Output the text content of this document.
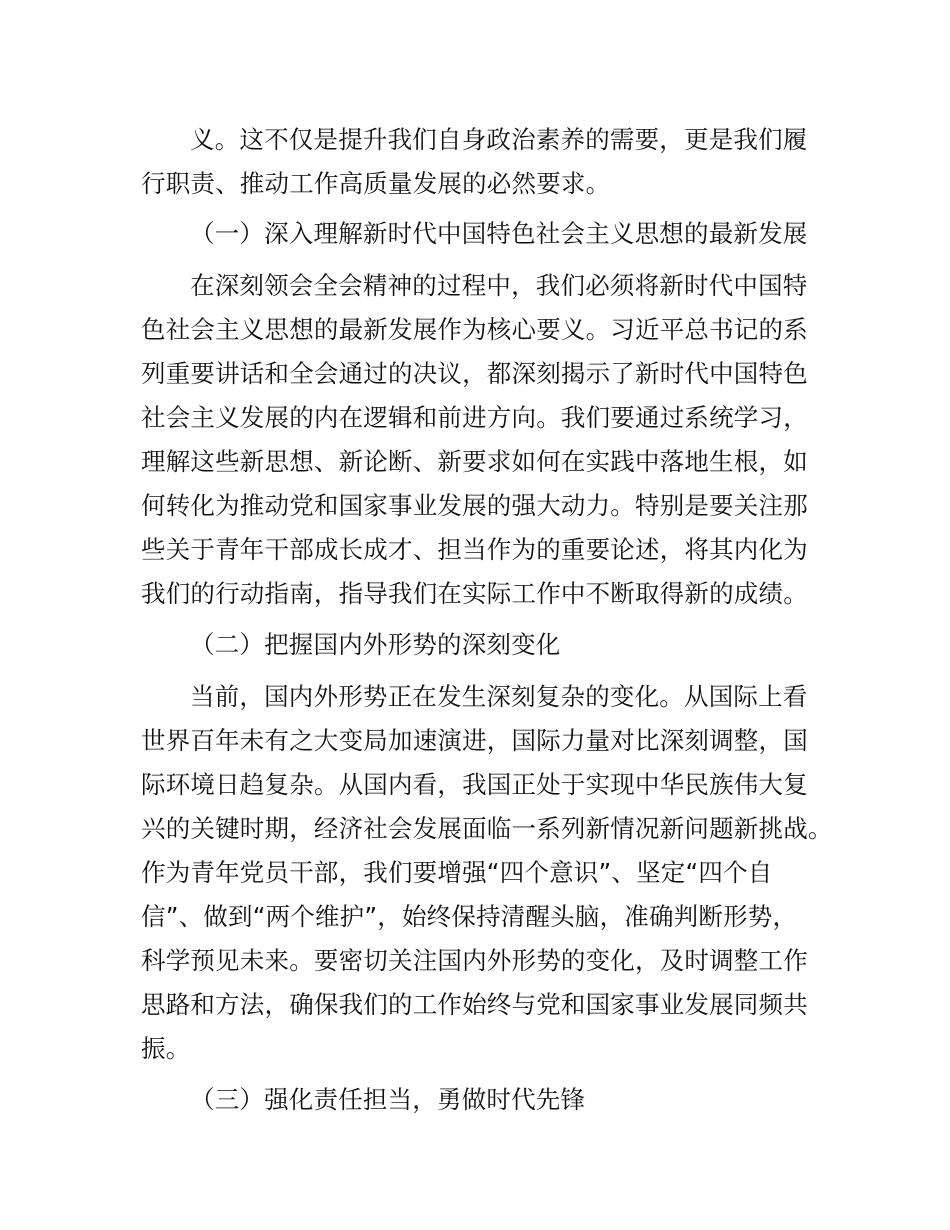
义。这不仅是提升我们自身政治素养的需要，更是我们履
行职责、推动工作高质量发展的必然要求。
（一）深入理解新时代中国特色社会主义思想的最新发展
在深刻领会全会精神的过程中，我们必须将新时代中国特
色社会主义思想的最新发展作为核心要义。习近平总书记的系
列重要讲话和全会通过的决议，都深刻揭示了新时代中国特色
社会主义发展的内在逻辑和前进方向。我们要通过系统学习，
理解这些新思想、新论断、新要求如何在实践中落地生根，如
何转化为推动党和国家事业发展的强大动力。特别是要关注那
些关于青年干部成长成才、担当作为的重要论述，将其内化为
我们的行动指南，指导我们在实际工作中不断取得新的成绩。
（二）把握国内外形势的深刻变化
当前，国内外形势正在发生深刻复杂的变化。从国际上看
世界百年未有之大变局加速演进，国际力量对比深刻调整，国
际环境日趋复杂。从国内看，我国正处于实现中华民族伟大复
兴的关键时期，经济社会发展面临一系列新情况新问题新挑战。
作为青年党员干部，我们要增强“四个意识”、坚定“四个自
信”、做到“两个维护”，始终保持清醒头脑，准确判断形势，
科学预见未来。要密切关注国内外形势的变化，及时调整工作
思路和方法，确保我们的工作始终与党和国家事业发展同频共
振。
（三）强化责任担当，勇做时代先锋
